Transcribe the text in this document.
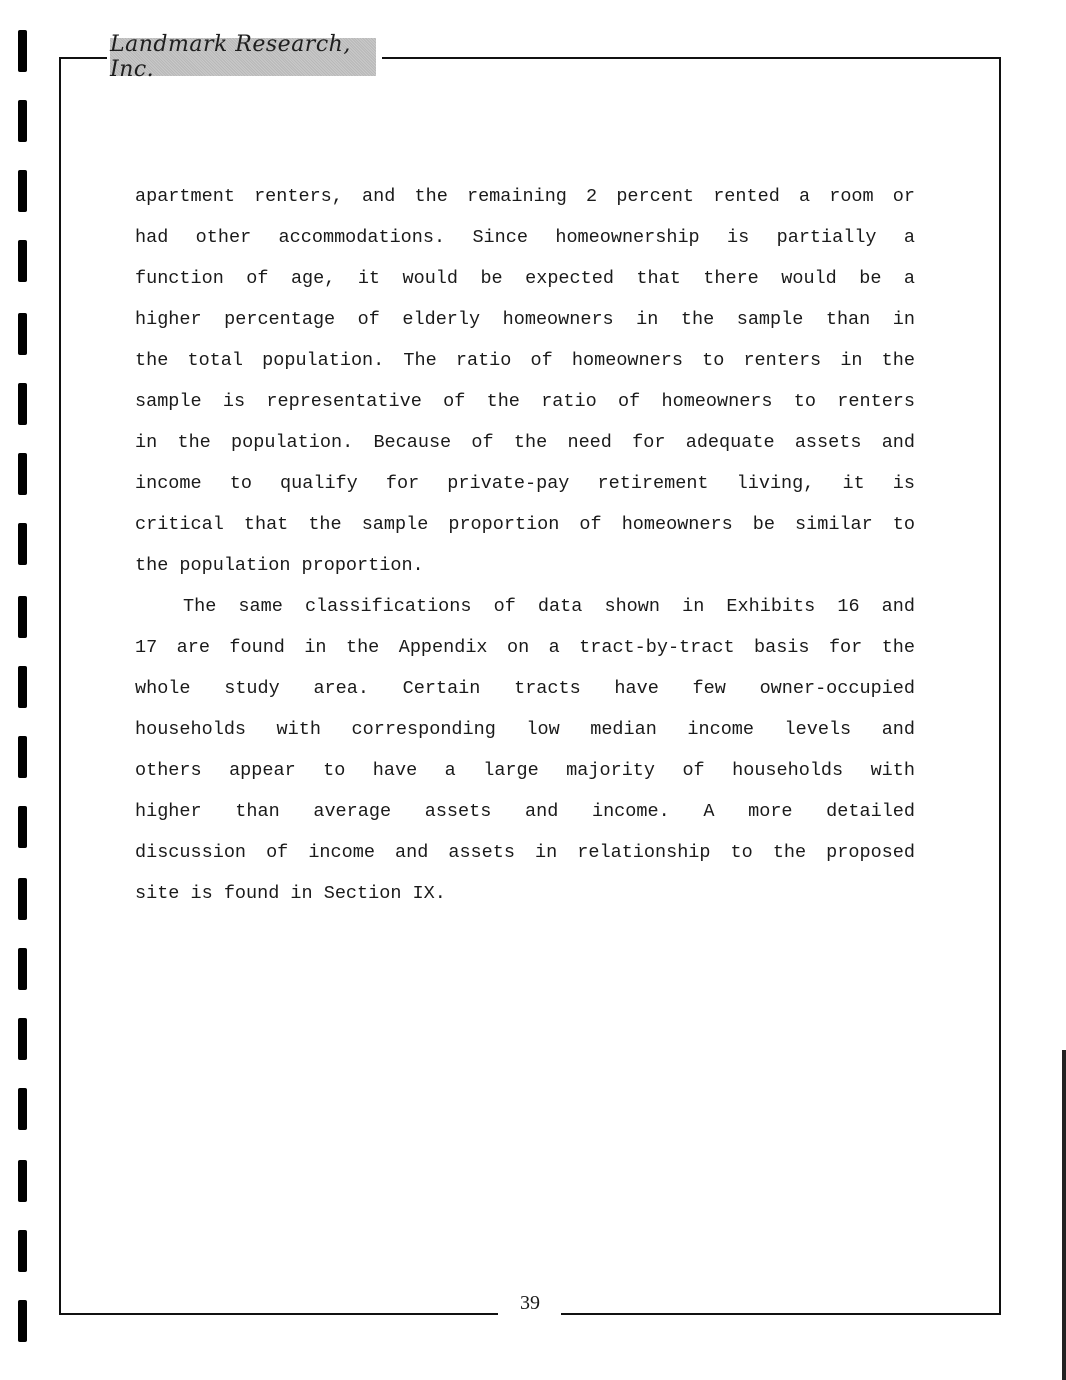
Landmark Research, Inc.
apartment renters, and the remaining 2 percent rented a room or
had other accommodations. Since homeownership is partially a
function of age, it would be expected that there would be a
higher percentage of elderly homeowners in the sample than in
the total population. The ratio of homeowners to renters in the
sample is representative of the ratio of homeowners to renters
in the population. Because of the need for adequate assets and
income to qualify for private-pay retirement living, it is
critical that the sample proportion of homeowners be similar to
the population proportion.
The same classifications of data shown in Exhibits 16 and
17 are found in the Appendix on a tract-by-tract basis for the
whole study area. Certain tracts have few owner-occupied
households with corresponding low median income levels and
others appear to have a large majority of households with
higher than average assets and income. A more detailed
discussion of income and assets in relationship to the proposed
site is found in Section IX.
39
